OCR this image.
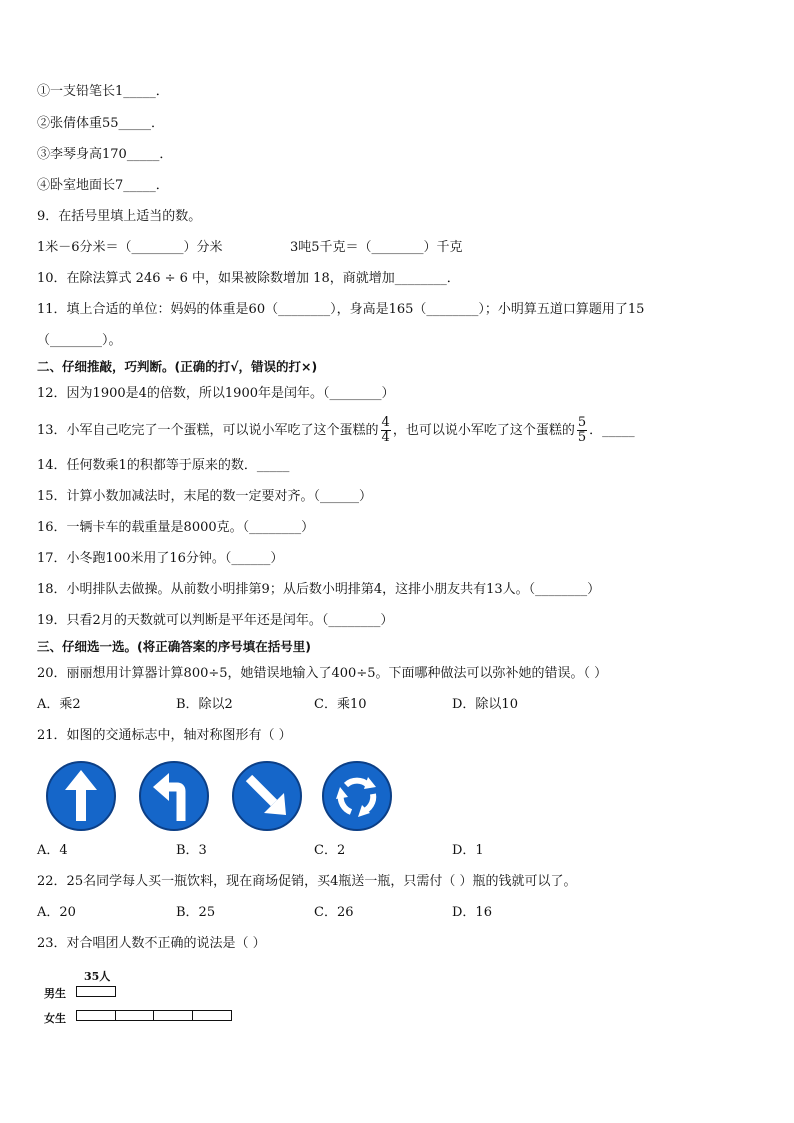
①一支铅笔长1_____．
②张倩体重55_____．
③李琴身高170_____．
④卧室地面长7_____．
9．在括号里填上适当的数。
1米－6分米＝（________）分米	3吨5千克＝（________）千克
10．在除法算式 246 ÷ 6 中，如果被除数增加 18，商就增加________．
11．填上合适的单位：妈妈的体重是60（________），身高是165（________）；小明算五道口算题用了15
（________）。
二、仔细推敲，巧判断。(正确的打√，错误的打×)
12．因为1900是4的倍数，所以1900年是闰年。（________）
13．小军自己吃完了一个蛋糕，可以说小军吃了这个蛋糕的 $\frac{4}{4}$ ，也可以说小军吃了这个蛋糕的 $\frac{5}{5}$ ．_____
14．任何数乘1的积都等于原来的数．_____
15．计算小数加减法时，末尾的数一定要对齐。（______）
16．一辆卡车的载重量是8000克。（________）
17．小冬跑100米用了16分钟。（______）
18．小明排队去做操。从前数小明排第9；从后数小明排第4，这排小朋友共有13人。（________）
19．只看2月的天数就可以判断是平年还是闰年。（________）
三、仔细选一选。(将正确答案的序号填在括号里)
20．丽丽想用计算器计算800÷5，她错误地输入了400÷5。下面哪种做法可以弥补她的错误。（ ）
A．乘2	B．除以2	C．乘10	D．除以10
21．如图的交通标志中，轴对称图形有（ ）
A．4	B．3	C．2	D．1
22．25名同学每人买一瓶饮料，现在商场促销，买4瓶送一瓶，只需付（ ）瓶的钱就可以了。
A．20	B．25	C．26	D．16
23．对合唱团人数不正确的说法是（ ）
35人
男生
女生
